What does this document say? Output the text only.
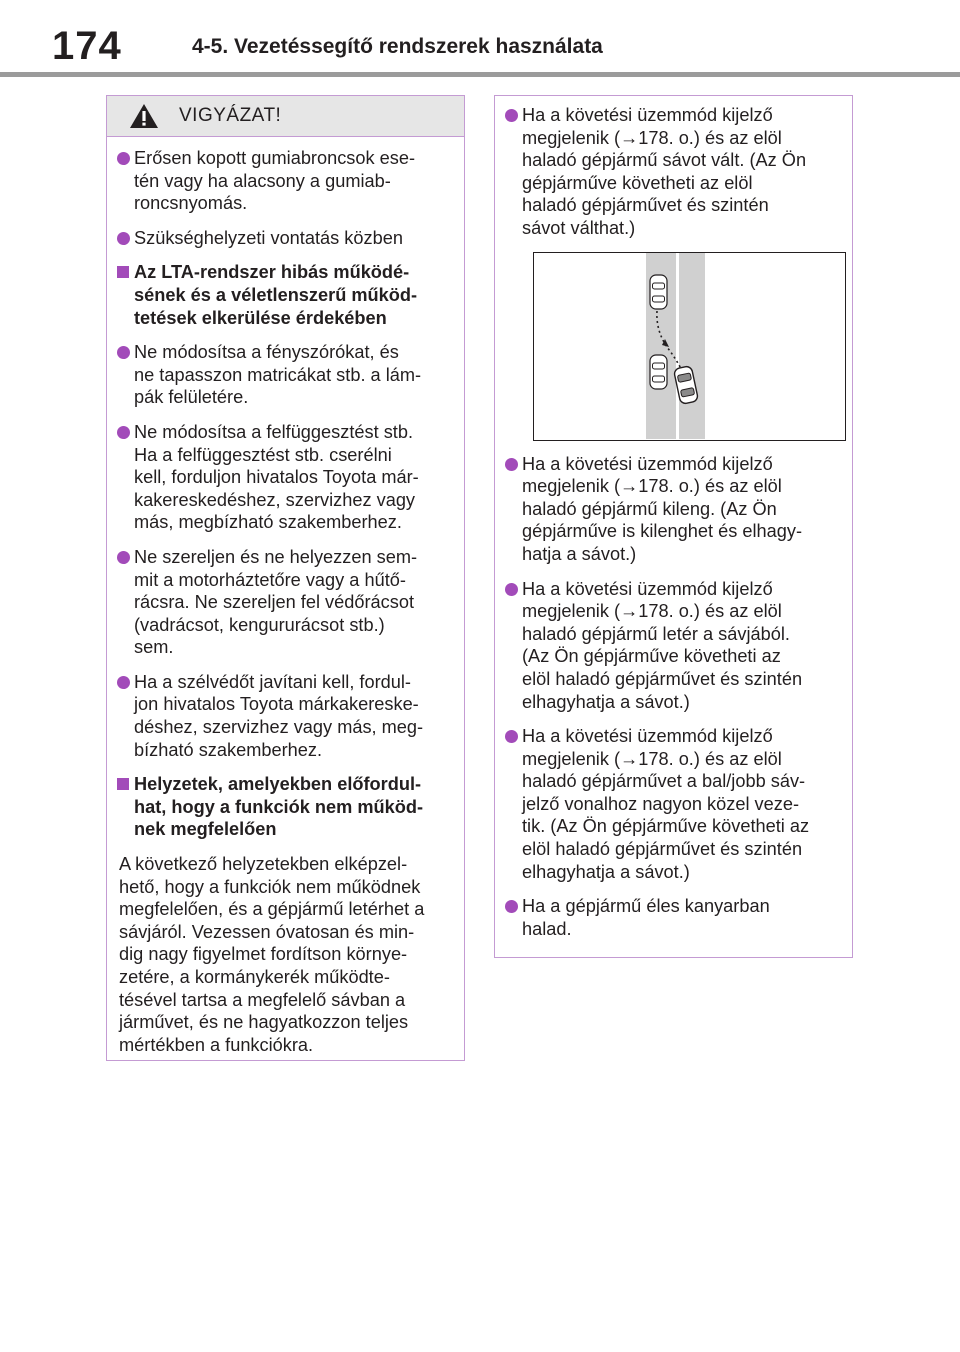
174	4-5. Vezetéssegítő rendszerek használata
VIGYÁZAT!
Erősen kopott gumiabroncsok ese-
tén vagy ha alacsony a gumiab-
roncsnyomás.
Szükséghelyzeti vontatás közben
Az LTA-rendszer hibás működé-
sének és a véletlenszerű működ-
tetések elkerülése érdekében
Ne módosítsa a fényszórókat, és
ne tapasszon matricákat stb. a lám-
pák felületére.
Ne módosítsa a felfüggesztést stb.
Ha a felfüggesztést stb. cserélni
kell, forduljon hivatalos Toyota már-
kakereskedéshez, szervizhez vagy
más, megbízható szakemberhez.
Ne szereljen és ne helyezzen sem-
mit a motorháztetőre vagy a hűtő-
rácsra. Ne szereljen fel védőrácsot
(vadrácsot, kengururácsot stb.)
sem.
Ha a szélvédőt javítani kell, fordul-
jon hivatalos Toyota márkakereske-
déshez, szervizhez vagy más, meg-
bízható szakemberhez.
Helyzetek, amelyekben előfordul-
hat, hogy a funkciók nem működ-
nek megfelelően
A következő helyzetekben elképzel-
hető, hogy a funkciók nem működnek
megfelelően, és a gépjármű letérhet a
sávjáról. Vezessen óvatosan és min-
dig nagy figyelmet fordítson környe-
zetére, a kormánykerék működte-
tésével tartsa a megfelelő sávban a
járművet, és ne hagyatkozzon teljes
mértékben a funkciókra.
Ha a követési üzemmód kijelző
megjelenik (→178. o.) és az elöl
haladó gépjármű sávot vált. (Az Ön
gépjárműve követheti az elöl
haladó gépjárművet és szintén
sávot válthat.)
Ha a követési üzemmód kijelző
megjelenik (→178. o.) és az elöl
haladó gépjármű kileng. (Az Ön
gépjárműve is kilenghet és elhagy-
hatja a sávot.)
Ha a követési üzemmód kijelző
megjelenik (→178. o.) és az elöl
haladó gépjármű letér a sávjából.
(Az Ön gépjárműve követheti az
elöl haladó gépjárművet és szintén
elhagyhatja a sávot.)
Ha a követési üzemmód kijelző
megjelenik (→178. o.) és az elöl
haladó gépjárművet a bal/jobb sáv-
jelző vonalhoz nagyon közel veze-
tik. (Az Ön gépjárműve követheti az
elöl haladó gépjárművet és szintén
elhagyhatja a sávot.)
Ha a gépjármű éles kanyarban
halad.
